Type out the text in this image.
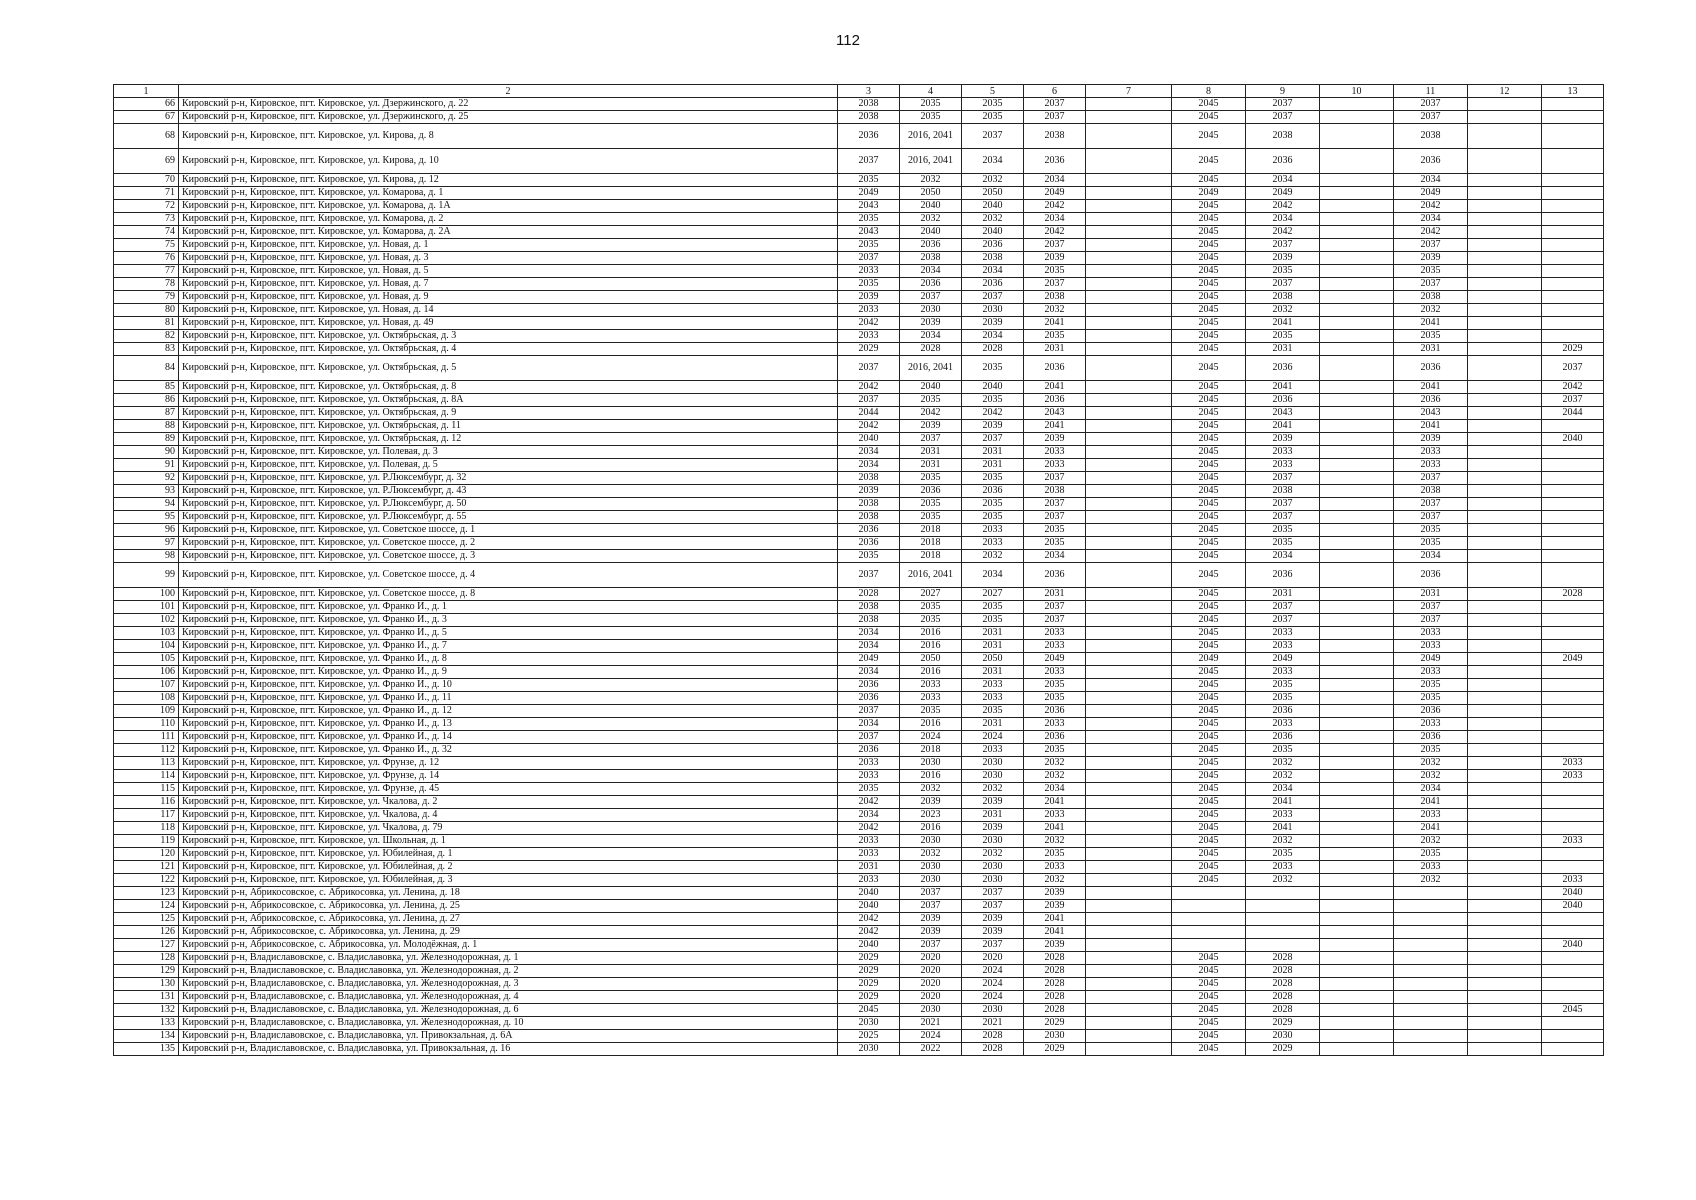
112
1	2	3	4	5	6	7	8	9	10	11	12	13
66	Кировский р-н, Кировское, пгт. Кировское, ул. Дзержинского, д. 22	2038	2035	2035	2037		2045	2037		2037		
67	Кировский р-н, Кировское, пгт. Кировское, ул. Дзержинского, д. 25	2038	2035	2035	2037		2045	2037		2037		
68	Кировский р-н, Кировское, пгт. Кировское, ул. Кирова, д. 8	2036	2016, 2041	2037	2038		2045	2038		2038		
69	Кировский р-н, Кировское, пгт. Кировское, ул. Кирова, д. 10	2037	2016, 2041	2034	2036		2045	2036		2036		
70	Кировский р-н, Кировское, пгт. Кировское, ул. Кирова, д. 12	2035	2032	2032	2034		2045	2034		2034		
71	Кировский р-н, Кировское, пгт. Кировское, ул. Комарова, д. 1	2049	2050	2050	2049		2049	2049		2049		
72	Кировский р-н, Кировское, пгт. Кировское, ул. Комарова, д. 1А	2043	2040	2040	2042		2045	2042		2042		
73	Кировский р-н, Кировское, пгт. Кировское, ул. Комарова, д. 2	2035	2032	2032	2034		2045	2034		2034		
74	Кировский р-н, Кировское, пгт. Кировское, ул. Комарова, д. 2А	2043	2040	2040	2042		2045	2042		2042		
75	Кировский р-н, Кировское, пгт. Кировское, ул. Новая, д. 1	2035	2036	2036	2037		2045	2037		2037		
76	Кировский р-н, Кировское, пгт. Кировское, ул. Новая, д. 3	2037	2038	2038	2039		2045	2039		2039		
77	Кировский р-н, Кировское, пгт. Кировское, ул. Новая, д. 5	2033	2034	2034	2035		2045	2035		2035		
78	Кировский р-н, Кировское, пгт. Кировское, ул. Новая, д. 7	2035	2036	2036	2037		2045	2037		2037		
79	Кировский р-н, Кировское, пгт. Кировское, ул. Новая, д. 9	2039	2037	2037	2038		2045	2038		2038		
80	Кировский р-н, Кировское, пгт. Кировское, ул. Новая, д. 14	2033	2030	2030	2032		2045	2032		2032		
81	Кировский р-н, Кировское, пгт. Кировское, ул. Новая, д. 49	2042	2039	2039	2041		2045	2041		2041		
82	Кировский р-н, Кировское, пгт. Кировское, ул. Октябрьская, д. 3	2033	2034	2034	2035		2045	2035		2035		
83	Кировский р-н, Кировское, пгт. Кировское, ул. Октябрьская, д. 4	2029	2028	2028	2031		2045	2031		2031		2029
84	Кировский р-н, Кировское, пгт. Кировское, ул. Октябрьская, д. 5	2037	2016, 2041	2035	2036		2045	2036		2036		2037
85	Кировский р-н, Кировское, пгт. Кировское, ул. Октябрьская, д. 8	2042	2040	2040	2041		2045	2041		2041		2042
86	Кировский р-н, Кировское, пгт. Кировское, ул. Октябрьская, д. 8А	2037	2035	2035	2036		2045	2036		2036		2037
87	Кировский р-н, Кировское, пгт. Кировское, ул. Октябрьская, д. 9	2044	2042	2042	2043		2045	2043		2043		2044
88	Кировский р-н, Кировское, пгт. Кировское, ул. Октябрьская, д. 11	2042	2039	2039	2041		2045	2041		2041		
89	Кировский р-н, Кировское, пгт. Кировское, ул. Октябрьская, д. 12	2040	2037	2037	2039		2045	2039		2039		2040
90	Кировский р-н, Кировское, пгт. Кировское, ул. Полевая, д. 3	2034	2031	2031	2033		2045	2033		2033		
91	Кировский р-н, Кировское, пгт. Кировское, ул. Полевая, д. 5	2034	2031	2031	2033		2045	2033		2033		
92	Кировский р-н, Кировское, пгт. Кировское, ул. Р.Люксембург, д. 32	2038	2035	2035	2037		2045	2037		2037		
93	Кировский р-н, Кировское, пгт. Кировское, ул. Р.Люксембург, д. 43	2039	2036	2036	2038		2045	2038		2038		
94	Кировский р-н, Кировское, пгт. Кировское, ул. Р.Люксембург, д. 50	2038	2035	2035	2037		2045	2037		2037		
95	Кировский р-н, Кировское, пгт. Кировское, ул. Р.Люксембург, д. 55	2038	2035	2035	2037		2045	2037		2037		
96	Кировский р-н, Кировское, пгт. Кировское, ул. Советское шоссе, д. 1	2036	2018	2033	2035		2045	2035		2035		
97	Кировский р-н, Кировское, пгт. Кировское, ул. Советское шоссе, д. 2	2036	2018	2033	2035		2045	2035		2035		
98	Кировский р-н, Кировское, пгт. Кировское, ул. Советское шоссе, д. 3	2035	2018	2032	2034		2045	2034		2034		
99	Кировский р-н, Кировское, пгт. Кировское, ул. Советское шоссе, д. 4	2037	2016, 2041	2034	2036		2045	2036		2036		
100	Кировский р-н, Кировское, пгт. Кировское, ул. Советское шоссе, д. 8	2028	2027	2027	2031		2045	2031		2031		2028
101	Кировский р-н, Кировское, пгт. Кировское, ул. Франко И., д. 1	2038	2035	2035	2037		2045	2037		2037		
102	Кировский р-н, Кировское, пгт. Кировское, ул. Франко И., д. 3	2038	2035	2035	2037		2045	2037		2037		
103	Кировский р-н, Кировское, пгт. Кировское, ул. Франко И., д. 5	2034	2016	2031	2033		2045	2033		2033		
104	Кировский р-н, Кировское, пгт. Кировское, ул. Франко И., д. 7	2034	2016	2031	2033		2045	2033		2033		
105	Кировский р-н, Кировское, пгт. Кировское, ул. Франко И., д. 8	2049	2050	2050	2049		2049	2049		2049		2049
106	Кировский р-н, Кировское, пгт. Кировское, ул. Франко И., д. 9	2034	2016	2031	2033		2045	2033		2033		
107	Кировский р-н, Кировское, пгт. Кировское, ул. Франко И., д. 10	2036	2033	2033	2035		2045	2035		2035		
108	Кировский р-н, Кировское, пгт. Кировское, ул. Франко И., д. 11	2036	2033	2033	2035		2045	2035		2035		
109	Кировский р-н, Кировское, пгт. Кировское, ул. Франко И., д. 12	2037	2035	2035	2036		2045	2036		2036		
110	Кировский р-н, Кировское, пгт. Кировское, ул. Франко И., д. 13	2034	2016	2031	2033		2045	2033		2033		
111	Кировский р-н, Кировское, пгт. Кировское, ул. Франко И., д. 14	2037	2024	2024	2036		2045	2036		2036		
112	Кировский р-н, Кировское, пгт. Кировское, ул. Франко И., д. 32	2036	2018	2033	2035		2045	2035		2035		
113	Кировский р-н, Кировское, пгт. Кировское, ул. Фрунзе, д. 12	2033	2030	2030	2032		2045	2032		2032		2033
114	Кировский р-н, Кировское, пгт. Кировское, ул. Фрунзе, д. 14	2033	2016	2030	2032		2045	2032		2032		2033
115	Кировский р-н, Кировское, пгт. Кировское, ул. Фрунзе, д. 45	2035	2032	2032	2034		2045	2034		2034		
116	Кировский р-н, Кировское, пгт. Кировское, ул. Чкалова, д. 2	2042	2039	2039	2041		2045	2041		2041		
117	Кировский р-н, Кировское, пгт. Кировское, ул. Чкалова, д. 4	2034	2023	2031	2033		2045	2033		2033		
118	Кировский р-н, Кировское, пгт. Кировское, ул. Чкалова, д. 79	2042	2016	2039	2041		2045	2041		2041		
119	Кировский р-н, Кировское, пгт. Кировское, ул. Школьная, д. 1	2033	2030	2030	2032		2045	2032		2032		2033
120	Кировский р-н, Кировское, пгт. Кировское, ул. Юбилейная, д. 1	2033	2032	2032	2035		2045	2035		2035		
121	Кировский р-н, Кировское, пгт. Кировское, ул. Юбилейная, д. 2	2031	2030	2030	2033		2045	2033		2033		
122	Кировский р-н, Кировское, пгт. Кировское, ул. Юбилейная, д. 3	2033	2030	2030	2032		2045	2032		2032		2033
123	Кировский р-н, Абрикосовское, с. Абрикосовка, ул. Ленина, д. 18	2040	2037	2037	2039							2040
124	Кировский р-н, Абрикосовское, с. Абрикосовка, ул. Ленина, д. 25	2040	2037	2037	2039							2040
125	Кировский р-н, Абрикосовское, с. Абрикосовка, ул. Ленина, д. 27	2042	2039	2039	2041							
126	Кировский р-н, Абрикосовское, с. Абрикосовка, ул. Ленина, д. 29	2042	2039	2039	2041							
127	Кировский р-н, Абрикосовское, с. Абрикосовка, ул. Молодёжная, д. 1	2040	2037	2037	2039							2040
128	Кировский р-н, Владиславовское, с. Владиславовка, ул. Железнодорожная, д. 1	2029	2020	2020	2028		2045	2028				
129	Кировский р-н, Владиславовское, с. Владиславовка, ул. Железнодорожная, д. 2	2029	2020	2024	2028		2045	2028				
130	Кировский р-н, Владиславовское, с. Владиславовка, ул. Железнодорожная, д. 3	2029	2020	2024	2028		2045	2028				
131	Кировский р-н, Владиславовское, с. Владиславовка, ул. Железнодорожная, д. 4	2029	2020	2024	2028		2045	2028				
132	Кировский р-н, Владиславовское, с. Владиславовка, ул. Железнодорожная, д. 6	2045	2030	2030	2028		2045	2028				2045
133	Кировский р-н, Владиславовское, с. Владиславовка, ул. Железнодорожная, д. 10	2030	2021	2021	2029		2045	2029				
134	Кировский р-н, Владиславовское, с. Владиславовка, ул. Привокзальная, д. 6А	2025	2024	2028	2030		2045	2030				
135	Кировский р-н, Владиславовское, с. Владиславовка, ул. Привокзальная, д. 16	2030	2022	2028	2029		2045	2029				
